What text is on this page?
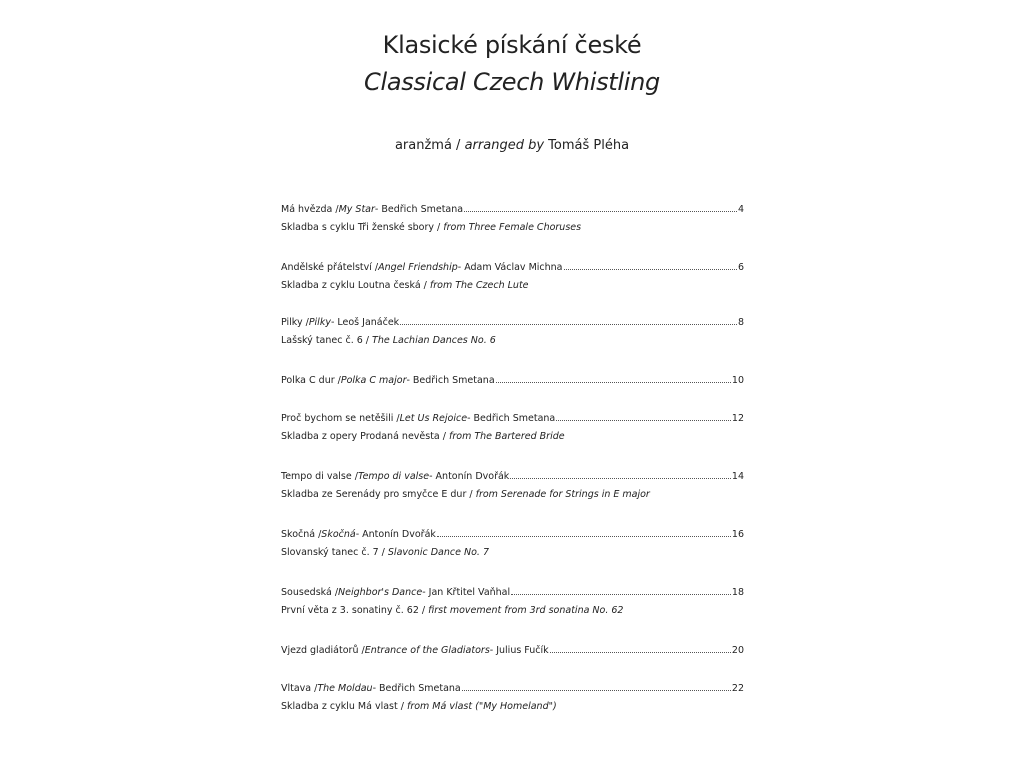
Klasické pískání české
Classical Czech Whistling
aranžmá / arranged by Tomáš Pléha
Má hvězda / My Star - Bedřich Smetana	4
Skladba s cyklu Tři ženské sbory / from Three Female Choruses
Andělské přátelství / Angel Friendship - Adam Václav Michna	6
Skladba z cyklu Loutna česká / from The Czech Lute
Pilky / Pilky - Leoš Janáček	8
Lašský tanec č. 6 / The Lachian Dances No. 6
Polka C dur / Polka C major - Bedřich Smetana	10
Proč bychom se netěšili / Let Us Rejoice - Bedřich Smetana	12
Skladba z opery Prodaná nevěsta / from The Bartered Bride
Tempo di valse / Tempo di valse - Antonín Dvořák	14
Skladba ze Serenády pro smyčce E dur / from Serenade for Strings in E major
Skočná / Skočná - Antonín Dvořák	16
Slovanský tanec č. 7 / Slavonic Dance No. 7
Sousedská / Neighbor's Dance - Jan Křtitel Vaňhal	18
První věta z 3. sonatiny č. 62 / first movement from 3rd sonatina No. 62
Vjezd gladiátorů / Entrance of the Gladiators - Julius Fučík	20
Vltava / The Moldau - Bedřich Smetana	22
Skladba z cyklu Má vlast / from Má vlast ("My Homeland")
